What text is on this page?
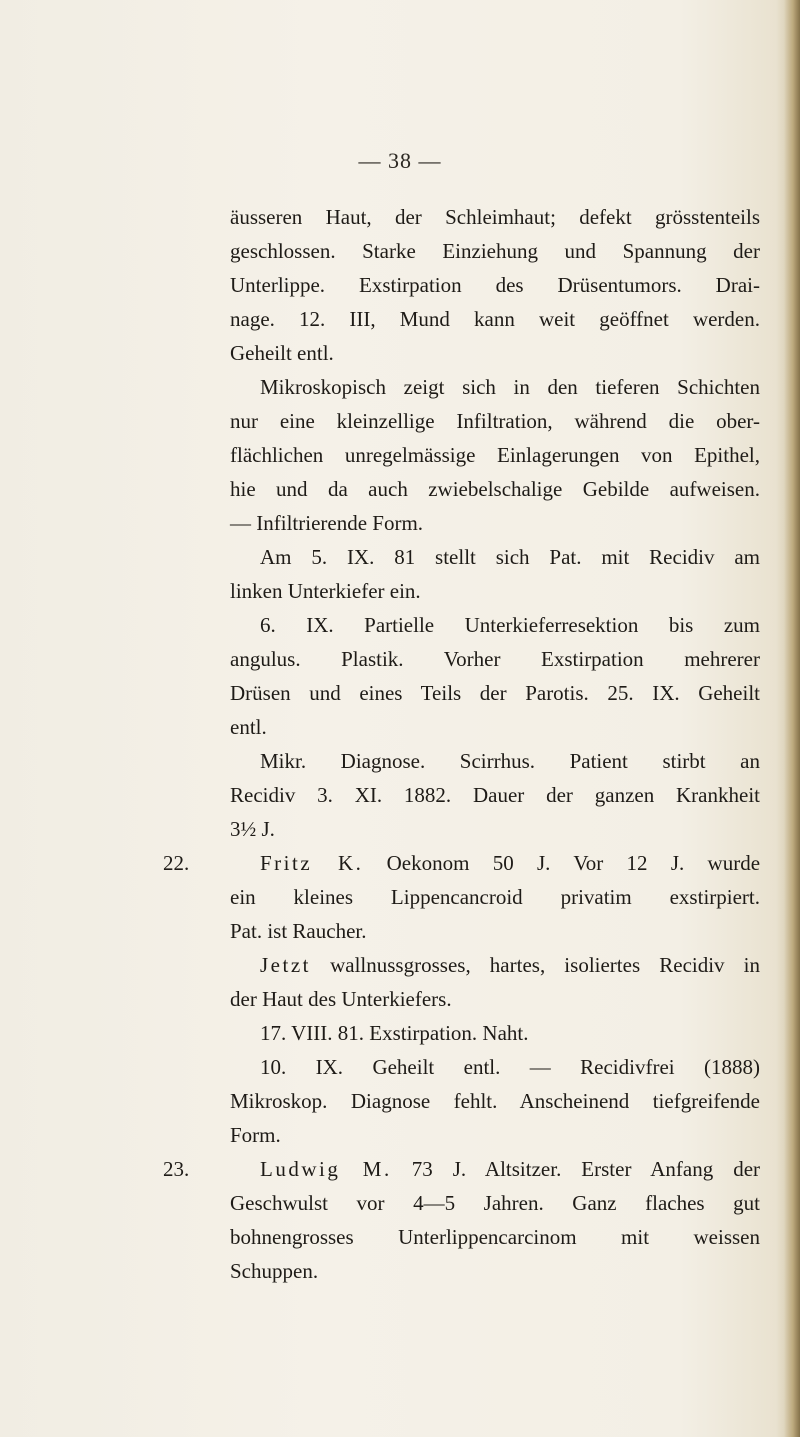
— 38 —
äusseren Haut, der Schleimhaut; defekt grösstenteils
geschlossen. Starke Einziehung und Spannung der
Unterlippe. Exstirpation des Drüsentumors. Drai-
nage. 12. III, Mund kann weit geöffnet werden.
Geheilt entl.
Mikroskopisch zeigt sich in den tieferen Schichten
nur eine kleinzellige Infiltration, während die ober-
flächlichen unregelmässige Einlagerungen von Epithel,
hie und da auch zwiebelschalige Gebilde aufweisen.
— Infiltrierende Form.
Am 5. IX. 81 stellt sich Pat. mit Recidiv am
linken Unterkiefer ein.
6. IX. Partielle Unterkieferresektion bis zum
angulus. Plastik. Vorher Exstirpation mehrerer
Drüsen und eines Teils der Parotis. 25. IX. Geheilt
entl.
Mikr. Diagnose. Scirrhus. Patient stirbt an
Recidiv 3. XI. 1882. Dauer der ganzen Krankheit
3½ J.
22.	Fritz K. Oekonom 50 J. Vor 12 J. wurde
ein kleines Lippencancroid privatim exstirpiert.
Pat. ist Raucher.
Jetzt wallnussgrosses, hartes, isoliertes Recidiv in
der Haut des Unterkiefers.
17. VIII. 81. Exstirpation. Naht.
10. IX. Geheilt entl. — Recidivfrei (1888)
Mikroskop. Diagnose fehlt. Anscheinend tiefgreifende
Form.
23.	Ludwig M. 73 J. Altsitzer. Erster Anfang der
Geschwulst vor 4—5 Jahren. Ganz flaches gut
bohnengrosses Unterlippencarcinom mit weissen
Schuppen.
